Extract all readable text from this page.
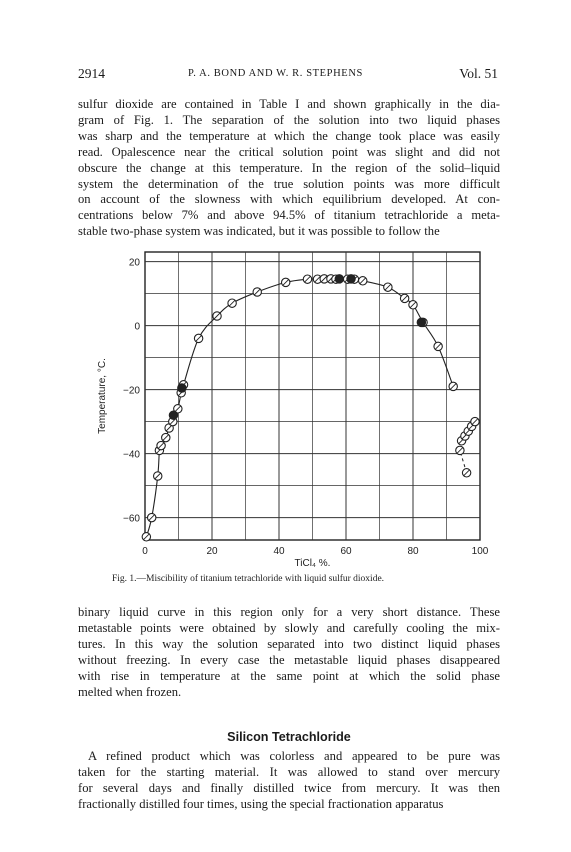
2914	P. A. BOND AND W. R. STEPHENS	Vol. 51
sulfur dioxide are contained in Table I and shown graphically in the dia-
gram of Fig. 1. The separation of the solution into two liquid phases
was sharp and the temperature at which the change took place was easily
read. Opalescence near the critical solution point was slight and did not
obscure the change at this temperature. In the region of the solid–liquid
system the determination of the true solution points was more difficult
on account of the slowness with which equilibrium developed. At con-
centrations below 7% and above 94.5% of titanium tetrachloride a meta-
stable two-phase system was indicated, but it was possible to follow the
0	20	40	60	80	100
20
0
−20
−40
−60
TiCl₄ %.
Temperature, °C.
Fig. 1.—Miscibility of titanium tetrachloride with liquid sulfur dioxide.
binary liquid curve in this region only for a very short distance. These
metastable points were obtained by slowly and carefully cooling the mix-
tures. In this way the solution separated into two distinct liquid phases
without freezing. In every case the metastable liquid phases disappeared
with rise in temperature at the same point at which the solid phase
melted when frozen.
Silicon Tetrachloride
A refined product which was colorless and appeared to be pure was
taken for the starting material. It was allowed to stand over mercury
for several days and finally distilled twice from mercury. It was then
fractionally distilled four times, using the special fractionation apparatus
